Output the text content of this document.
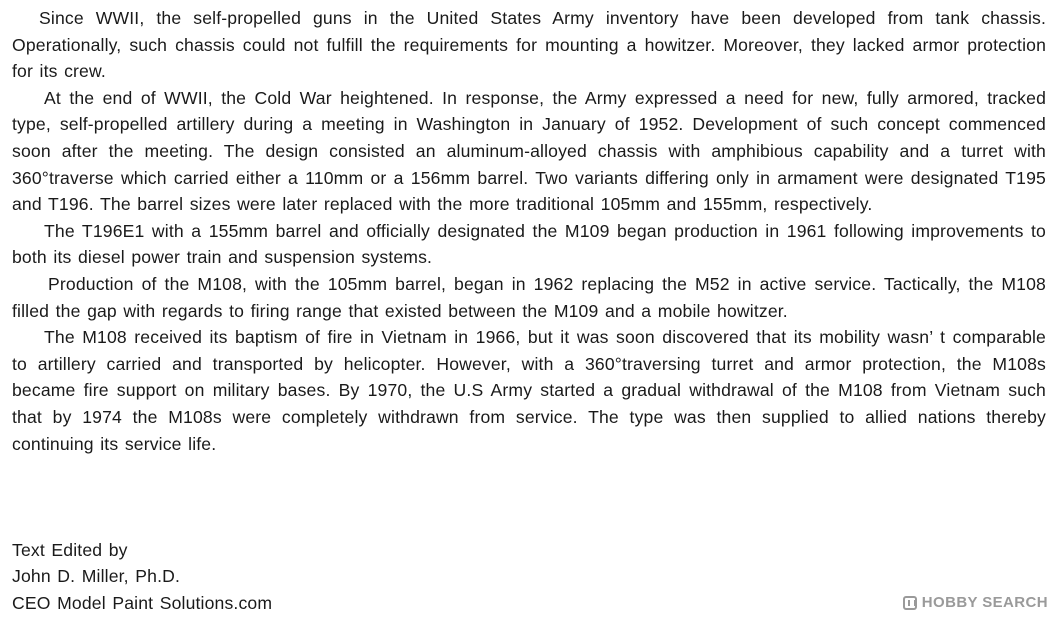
Since WWII, the self-propelled guns in the United States Army inventory have been developed from tank chassis. Operationally, such chassis could not fulfill the requirements for mounting a howitzer. Moreover, they lacked armor protection for its crew.

At the end of WWII, the Cold War heightened. In response, the Army expressed a need for new, fully armored, tracked type, self-propelled artillery during a meeting in Washington in January of 1952. Development of such concept commenced soon after the meeting. The design consisted an aluminum-alloyed chassis with amphibious capability and a turret with 360°traverse which carried either a 110mm or a 156mm barrel. Two variants differing only in armament were designated T195 and T196. The barrel sizes were later replaced with the more traditional 105mm and 155mm, respectively.

The T196E1 with a 155mm barrel and officially designated the M109 began production in 1961 following improvements to both its diesel power train and suspension systems.

Production of the M108, with the 105mm barrel, began in 1962 replacing the M52 in active service. Tactically, the M108 filled the gap with regards to firing range that existed between the M109 and a mobile howitzer.

The M108 received its baptism of fire in Vietnam in 1966, but it was soon discovered that its mobility wasn’ t comparable to artillery carried and transported by helicopter. However, with a 360°traversing turret and armor protection, the M108s became fire support on military bases. By 1970, the U.S Army started a gradual withdrawal of the M108 from Vietnam such that by 1974 the M108s were completely withdrawn from service. The type was then supplied to allied nations thereby continuing its service life.

Text Edited by
John D. Miller, Ph.D.
CEO Model Paint Solutions.com	HOBBY SEARCH
